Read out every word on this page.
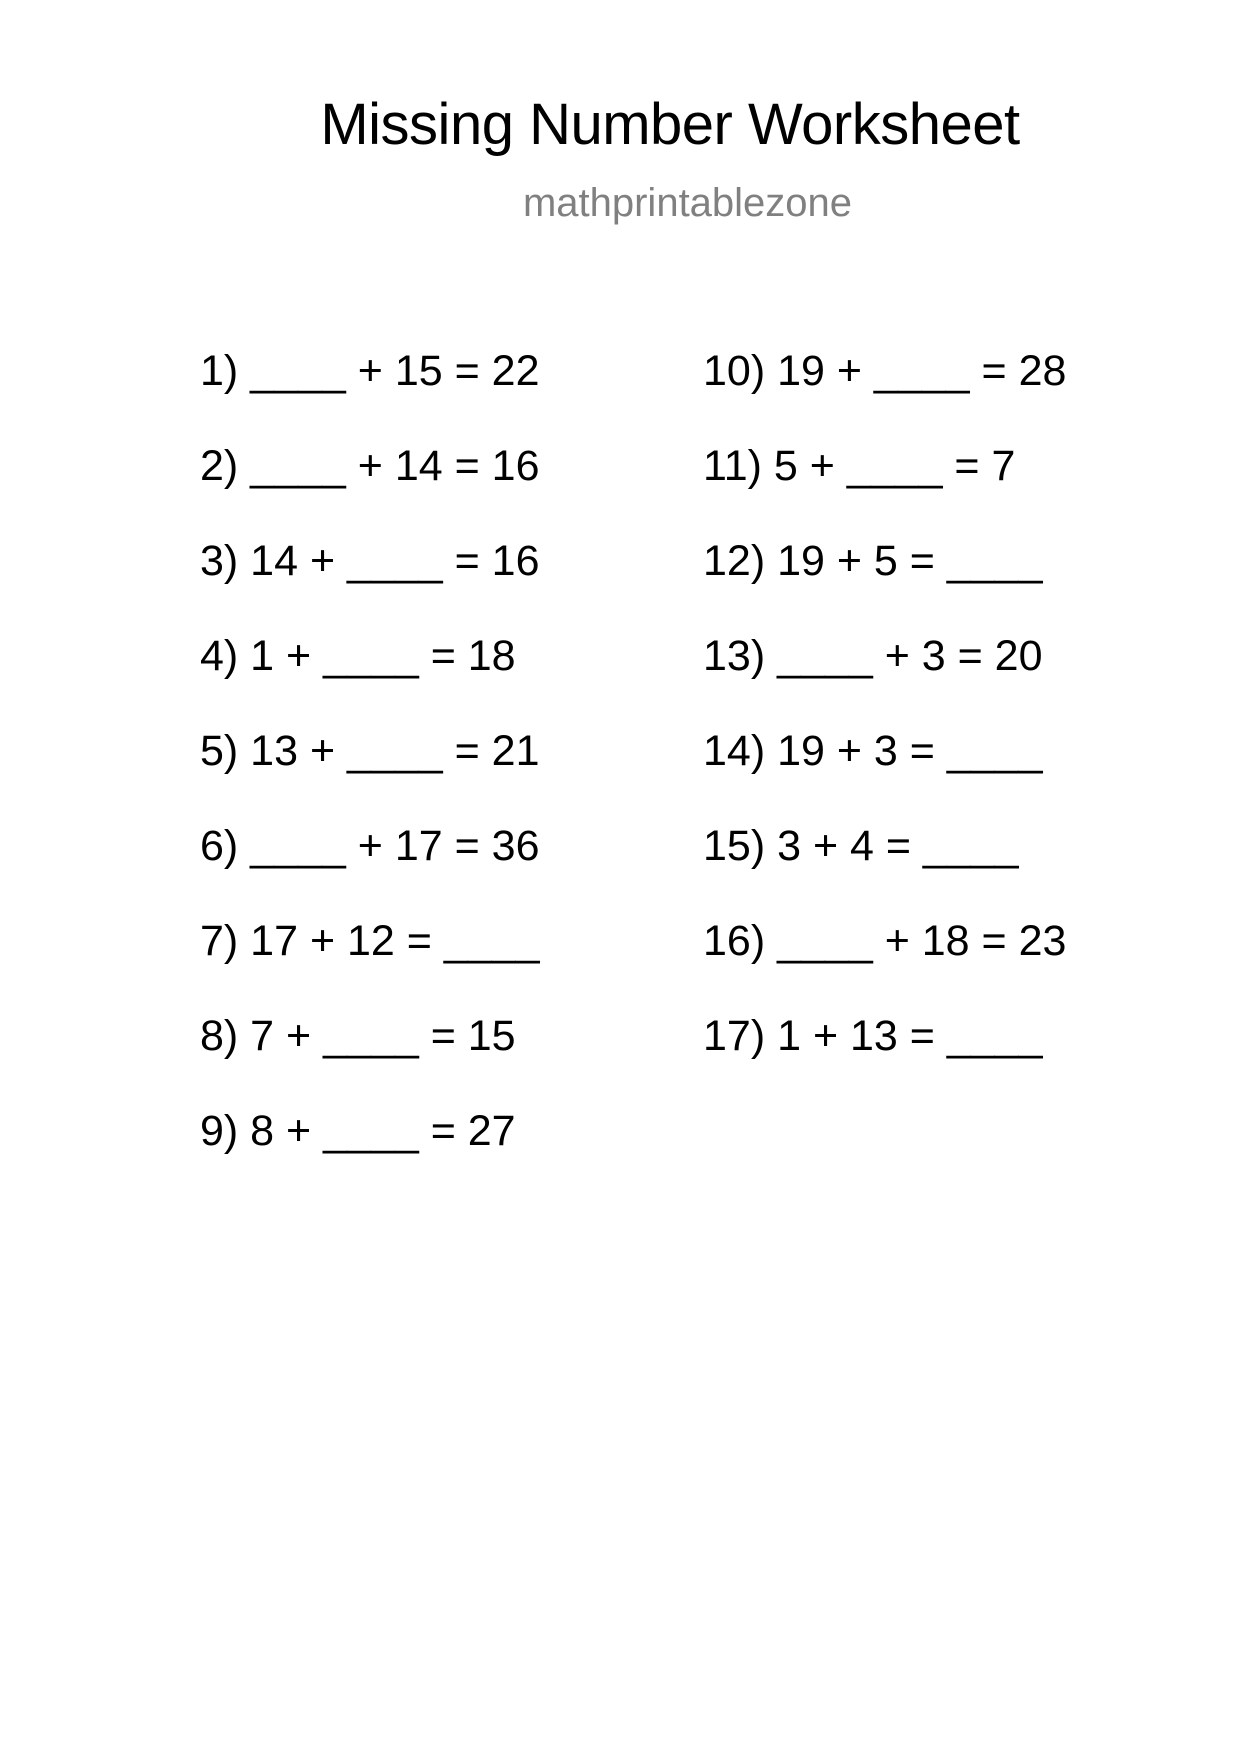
Missing Number Worksheet
mathprintablezone
1) ____ + 15 = 22
2) ____ + 14 = 16
3) 14 + ____ = 16
4) 1 + ____ = 18
5) 13 + ____ = 21
6) ____ + 17 = 36
7) 17 + 12 = ____
8) 7 + ____ = 15
9) 8 + ____ = 27
10) 19 + ____ = 28
11) 5 + ____ = 7
12) 19 + 5 = ____
13) ____ + 3 = 20
14) 19 + 3 = ____
15) 3 + 4 = ____
16) ____ + 18 = 23
17) 1 + 13 = ____
